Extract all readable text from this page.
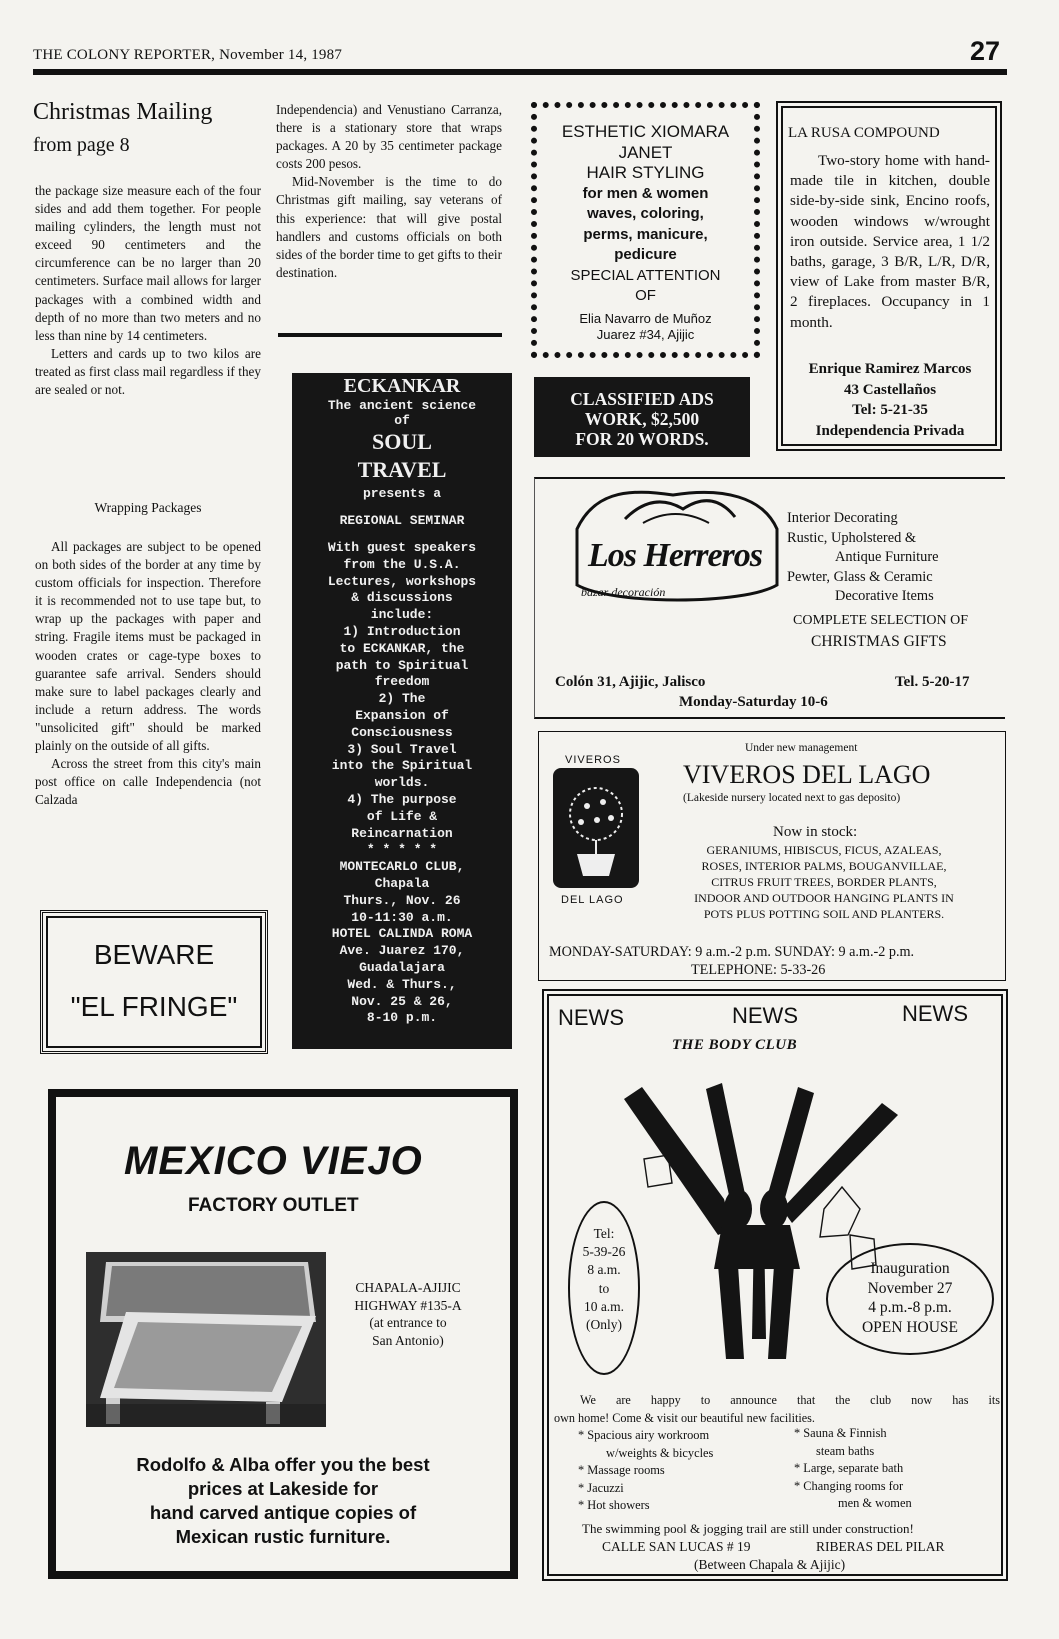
THE COLONY REPORTER, November 14, 1987	27
Christmas Mailing
from page 8

the package size measure each of the four sides and add them together. For people mailing cylinders, the length must not exceed 90 centimeters and the circumference can be no larger than 20 centimeters. Surface mail allows for larger packages with a combined width and depth of no more than two meters and no less than nine by 14 centimeters.

Letters and cards up to two kilos are treated as first class mail regardless if they are sealed or not.

Wrapping Packages

All packages are subject to be opened on both sides of the border at any time by custom officials for inspection. Therefore it is recommended not to use tape but, to wrap up the packages with paper and string. Fragile items must be packaged in wooden crates or cage-type boxes to guarantee safe arrival. Senders should make sure to label packages clearly and include a return address. The words "unsolicited gift" should be marked plainly on the outside of all gifts.

Across the street from this city's main post office on calle Independencia (not Calzada

Independencia) and Venustiano Carranza, there is a stationary store that wraps packages. A 20 by 35 centimeter package costs 200 pesos.

Mid-November is the time to do Christmas gift mailing, say veterans of this experience: that will give postal handlers and customs officials on both sides of the border time to get gifts to their destination.

BEWARE
"EL FRINGE"
ECKANKAR
The ancient science
of
SOUL
TRAVEL
presents a
REGIONAL SEMINAR
With guest speakers
from the U.S.A.
Lectures, workshops
& discussions
include:
1) Introduction
to ECKANKAR, the
path to Spiritual
freedom
2) The
Expansion of
Consciousness
3) Soul Travel
into the Spiritual
worlds.
4) The purpose
of Life &
Reincarnation
* * * * *
MONTECARLO CLUB,
Chapala
Thurs., Nov. 26
10-11:30 a.m.
HOTEL CALINDA ROMA
Ave. Juarez 170,
Guadalajara
Wed. & Thurs.,
Nov. 25 & 26,
8-10 p.m.
ESTHETIC XIOMARA
JANET
HAIR STYLING
for men & women
waves, coloring,
perms, manicure,
pedicure
SPECIAL ATTENTION
OF
Elia Navarro de Muñoz
Juarez #34, Ajijic
CLASSIFIED ADS
WORK, $2,500
FOR 20 WORDS.
LA RUSA COMPOUND
Two-story home with hand-made tile in kitchen, double side-by-side sink, Encino roofs, wooden windows w/wrought iron outside. Service area, 1 1/2 baths, garage, 3 B/R, L/R, D/R, view of Lake from master B/R, 2 fireplaces. Occupancy in 1 month.
Enrique Ramirez Marcos
43 Castellaños
Tel: 5-21-35
Independencia Privada
Los Herreros
bazar decoración
Interior Decorating
Rustic, Upholstered &
Antique Furniture
Pewter, Glass & Ceramic
Decorative Items
COMPLETE SELECTION OF
CHRISTMAS GIFTS
Colón 31, Ajijic, Jalisco	Tel. 5-20-17
Monday-Saturday 10-6
VIVEROS
DEL LAGO
Under new management
VIVEROS DEL LAGO
(Lakeside nursery located next to gas deposito)
Now in stock:
GERANIUMS, HIBISCUS, FICUS, AZALEAS,
ROSES, INTERIOR PALMS, BOUGANVILLAE,
CITRUS FRUIT TREES, BORDER PLANTS,
INDOOR AND OUTDOOR HANGING PLANTS IN
POTS PLUS POTTING SOIL AND PLANTERS.
MONDAY-SATURDAY: 9 a.m.-2 p.m. SUNDAY: 9 a.m.-2 p.m.
TELEPHONE: 5-33-26
NEWS	NEWS	NEWS
THE BODY CLUB
Tel:
5-39-26
8 a.m.
to
10 a.m.
(Only)
Inauguration
November 27
4 p.m.-8 p.m.
OPEN HOUSE
We are happy to announce that the club now has its
own home! Come & visit our beautiful new facilities.
* Spacious airy workroom
w/weights & bicycles
* Massage rooms
* Jacuzzi
* Hot showers
* Sauna & Finnish
steam baths
* Large, separate bath
* Changing rooms for
men & women
The swimming pool & jogging trail are still under construction!
CALLE SAN LUCAS # 19	RIBERAS DEL PILAR
(Between Chapala & Ajijic)
MEXICO VIEJO
FACTORY OUTLET
CHAPALA-AJIJIC
HIGHWAY #135-A
(at entrance to
San Antonio)
Rodolfo & Alba offer you the best
prices at Lakeside for
hand carved antique copies of
Mexican rustic furniture.
